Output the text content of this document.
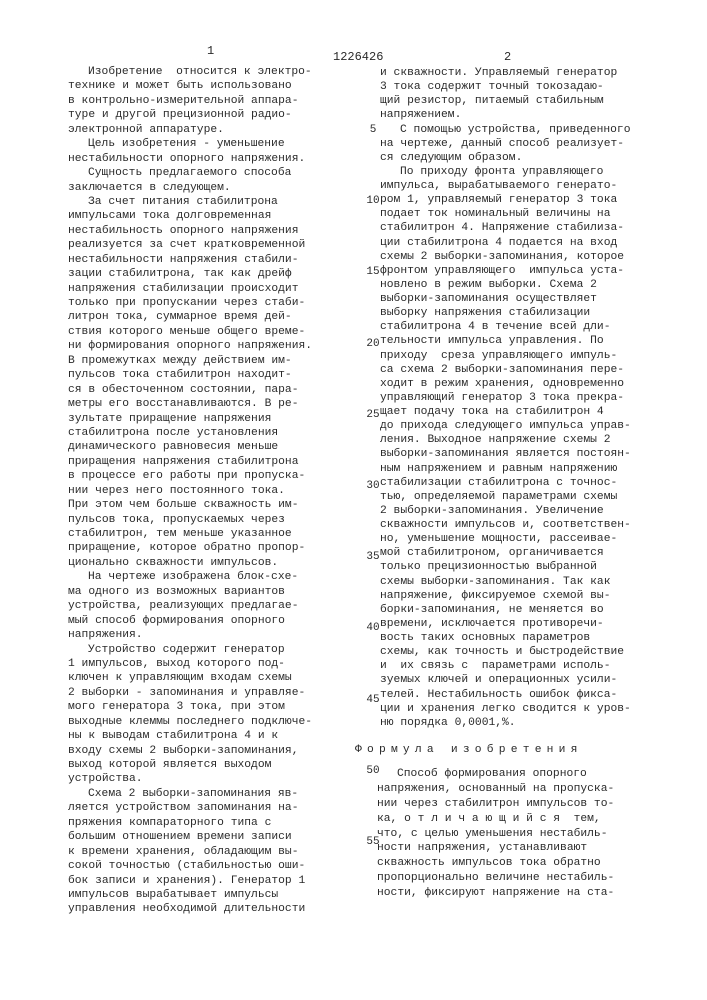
1	1226426	2
Изобретение  относится к электро-
технике и может быть использовано
в контрольно-измерительной аппара-
туре и другой прецизионной радио-
электронной аппаратуре.
Цель изобретения - уменьшение
нестабильности опорного напряжения.
Сущность предлагаемого способа
заключается в следующем.
За счет питания стабилитрона
импульсами тока долговременная
нестабильность опорного напряжения
реализуется за счет кратковременной
нестабильности напряжения стабили-
зации стабилитрона, так как дрейф
напряжения стабилизации происходит
только при пропускании через стаби-
литрон тока, суммарное время дей-
ствия которого меньше общего време-
ни формирования опорного напряжения.
В промежутках между действием им-
пульсов тока стабилитрон находит-
ся в обесточенном состоянии, пара-
метры его восстанавливаются. В ре-
зультате приращение напряжения
стабилитрона после установления
динамического равновесия меньше
приращения напряжения стабилитрона
в процессе его работы при пропуска-
нии через него постоянного тока.
При этом чем больше скважность им-
пульсов тока, пропускаемых через
стабилитрон, тем меньше указанное
приращение, которое обратно пропор-
ционально скважности импульсов.
На чертеже изображена блок-схе-
ма одного из возможных вариантов
устройства, реализующих предлагае-
мый способ формирования опорного
напряжения.
Устройство содержит генератор
1 импульсов, выход которого под-
ключен к управляющим входам схемы
2 выборки - запоминания и управляе-
мого генератора 3 тока, при этом
выходные клеммы последнего подключе-
ны к выводам стабилитрона 4 и к
входу схемы 2 выборки-запоминания,
выход которой является выходом
устройства.
Схема 2 выборки-запоминания яв-
ляется устройством запоминания на-
пряжения компараторного типа с
большим отношением времени записи
к времени хранения, обладающим вы-
сокой точностью (стабильностью оши-
бок записи и хранения). Генератор 1
импульсов вырабатывает импульсы
управления необходимой длительности
и скважности. Управляемый генератор
3 тока содержит точный токозадаю-
щий резистор, питаемый стабильным
напряжением.
С помощью устройства, приведенного
на чертеже, данный способ реализует-
ся следующим образом.
По приходу фронта управляющего
импульса, вырабатываемого генерато-
ром 1, управляемый генератор 3 тока
подает ток номинальный величины на
стабилитрон 4. Напряжение стабилиза-
ции стабилитрона 4 подается на вход
схемы 2 выборки-запоминания, которое
фронтом управляющего  импульса уста-
новлено в режим выборки. Схема 2
выборки-запоминания осуществляет
выборку напряжения стабилизации
стабилитрона 4 в течение всей дли-
тельности импульса управления. По
приходу  среза управляющего импуль-
са схема 2 выборки-запоминания пере-
ходит в режим хранения, одновременно
управляющий генератор 3 тока прекра-
щает подачу тока на стабилитрон 4
до прихода следующего импульса управ-
ления. Выходное напряжение схемы 2
выборки-запоминания является постоян-
ным напряжением и равным напряжению
стабилизации стабилитрона с точнос-
тью, определяемой параметрами схемы
2 выборки-запоминания. Увеличение
скважности импульсов и, соответствен-
но, уменьшение мощности, рассеивае-
мой стабилитроном, органичивается
только прецизионностью выбранной
схемы выборки-запоминания. Так как
напряжение, фиксируемое схемой вы-
борки-запоминания, не меняется во
времени, исключается противоречи-
вость таких основных параметров
схемы, как точность и быстродействие
и  их связь с  параметрами исполь-
зуемых ключей и операционных усили-
телей. Нестабильность ошибок фикса-
ции и хранения легко сводится к уров-
ню порядка 0,0001,%.
Формула изобретения
Способ формирования опорного
напряжения, основанный на пропуска-
нии через стабилитрон импульсов то-
ка, о т л и ч а ю щ и й с я  тем,
что, с целью уменьшения нестабиль-
ности напряжения, устанавливают
скважность импульсов тока обратно
пропорционально величине нестабиль-
ности, фиксируют напряжение на ста-
5
10
15
20
25
30
35
40
45
50
55
